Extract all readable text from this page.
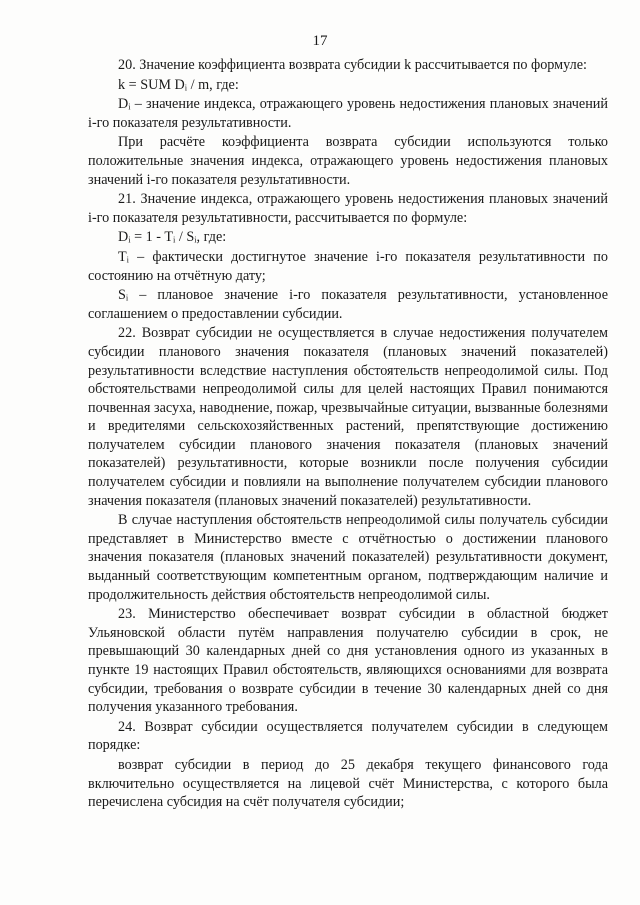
17

20. Значение коэффициента возврата субсидии k рассчитывается по формуле:

k = SUM Dᵢ / m, где:

Dᵢ – значение индекса, отражающего уровень недостижения плановых значений i-го показателя результативности.

При расчёте коэффициента возврата субсидии используются только положительные значения индекса, отражающего уровень недостижения плановых значений i-го показателя результативности.

21. Значение индекса, отражающего уровень недостижения плановых значений i-го показателя результативности, рассчитывается по формуле:

Dᵢ = 1 - Tᵢ / Sᵢ, где:

Tᵢ – фактически достигнутое значение i-го показателя результативности по состоянию на отчётную дату;

Sᵢ – плановое значение i-го показателя результативности, установленное соглашением о предоставлении субсидии.

22. Возврат субсидии не осуществляется в случае недостижения получателем субсидии планового значения показателя (плановых значений показателей) результативности вследствие наступления обстоятельств непреодолимой силы. Под обстоятельствами непреодолимой силы для целей настоящих Правил понимаются почвенная засуха, наводнение, пожар, чрезвычайные ситуации, вызванные болезнями и вредителями сельскохозяйственных растений, препятствующие достижению получателем субсидии планового значения показателя (плановых значений показателей) результативности, которые возникли после получения субсидии получателем субсидии и повлияли на выполнение получателем субсидии планового значения показателя (плановых значений показателей) результативности.

В случае наступления обстоятельств непреодолимой силы получатель субсидии представляет в Министерство вместе с отчётностью о достижении планового значения показателя (плановых значений показателей) результативности документ, выданный соответствующим компетентным органом, подтверждающим наличие и продолжительность действия обстоятельств непреодолимой силы.

23. Министерство обеспечивает возврат субсидии в областной бюджет Ульяновской области путём направления получателю субсидии в срок, не превышающий 30 календарных дней со дня установления одного из указанных в пункте 19 настоящих Правил обстоятельств, являющихся основаниями для возврата субсидии, требования о возврате субсидии в течение 30 календарных дней со дня получения указанного требования.

24. Возврат субсидии осуществляется получателем субсидии в следующем порядке:

возврат субсидии в период до 25 декабря текущего финансового года включительно осуществляется на лицевой счёт Министерства, с которого была перечислена субсидия на счёт получателя субсидии;
